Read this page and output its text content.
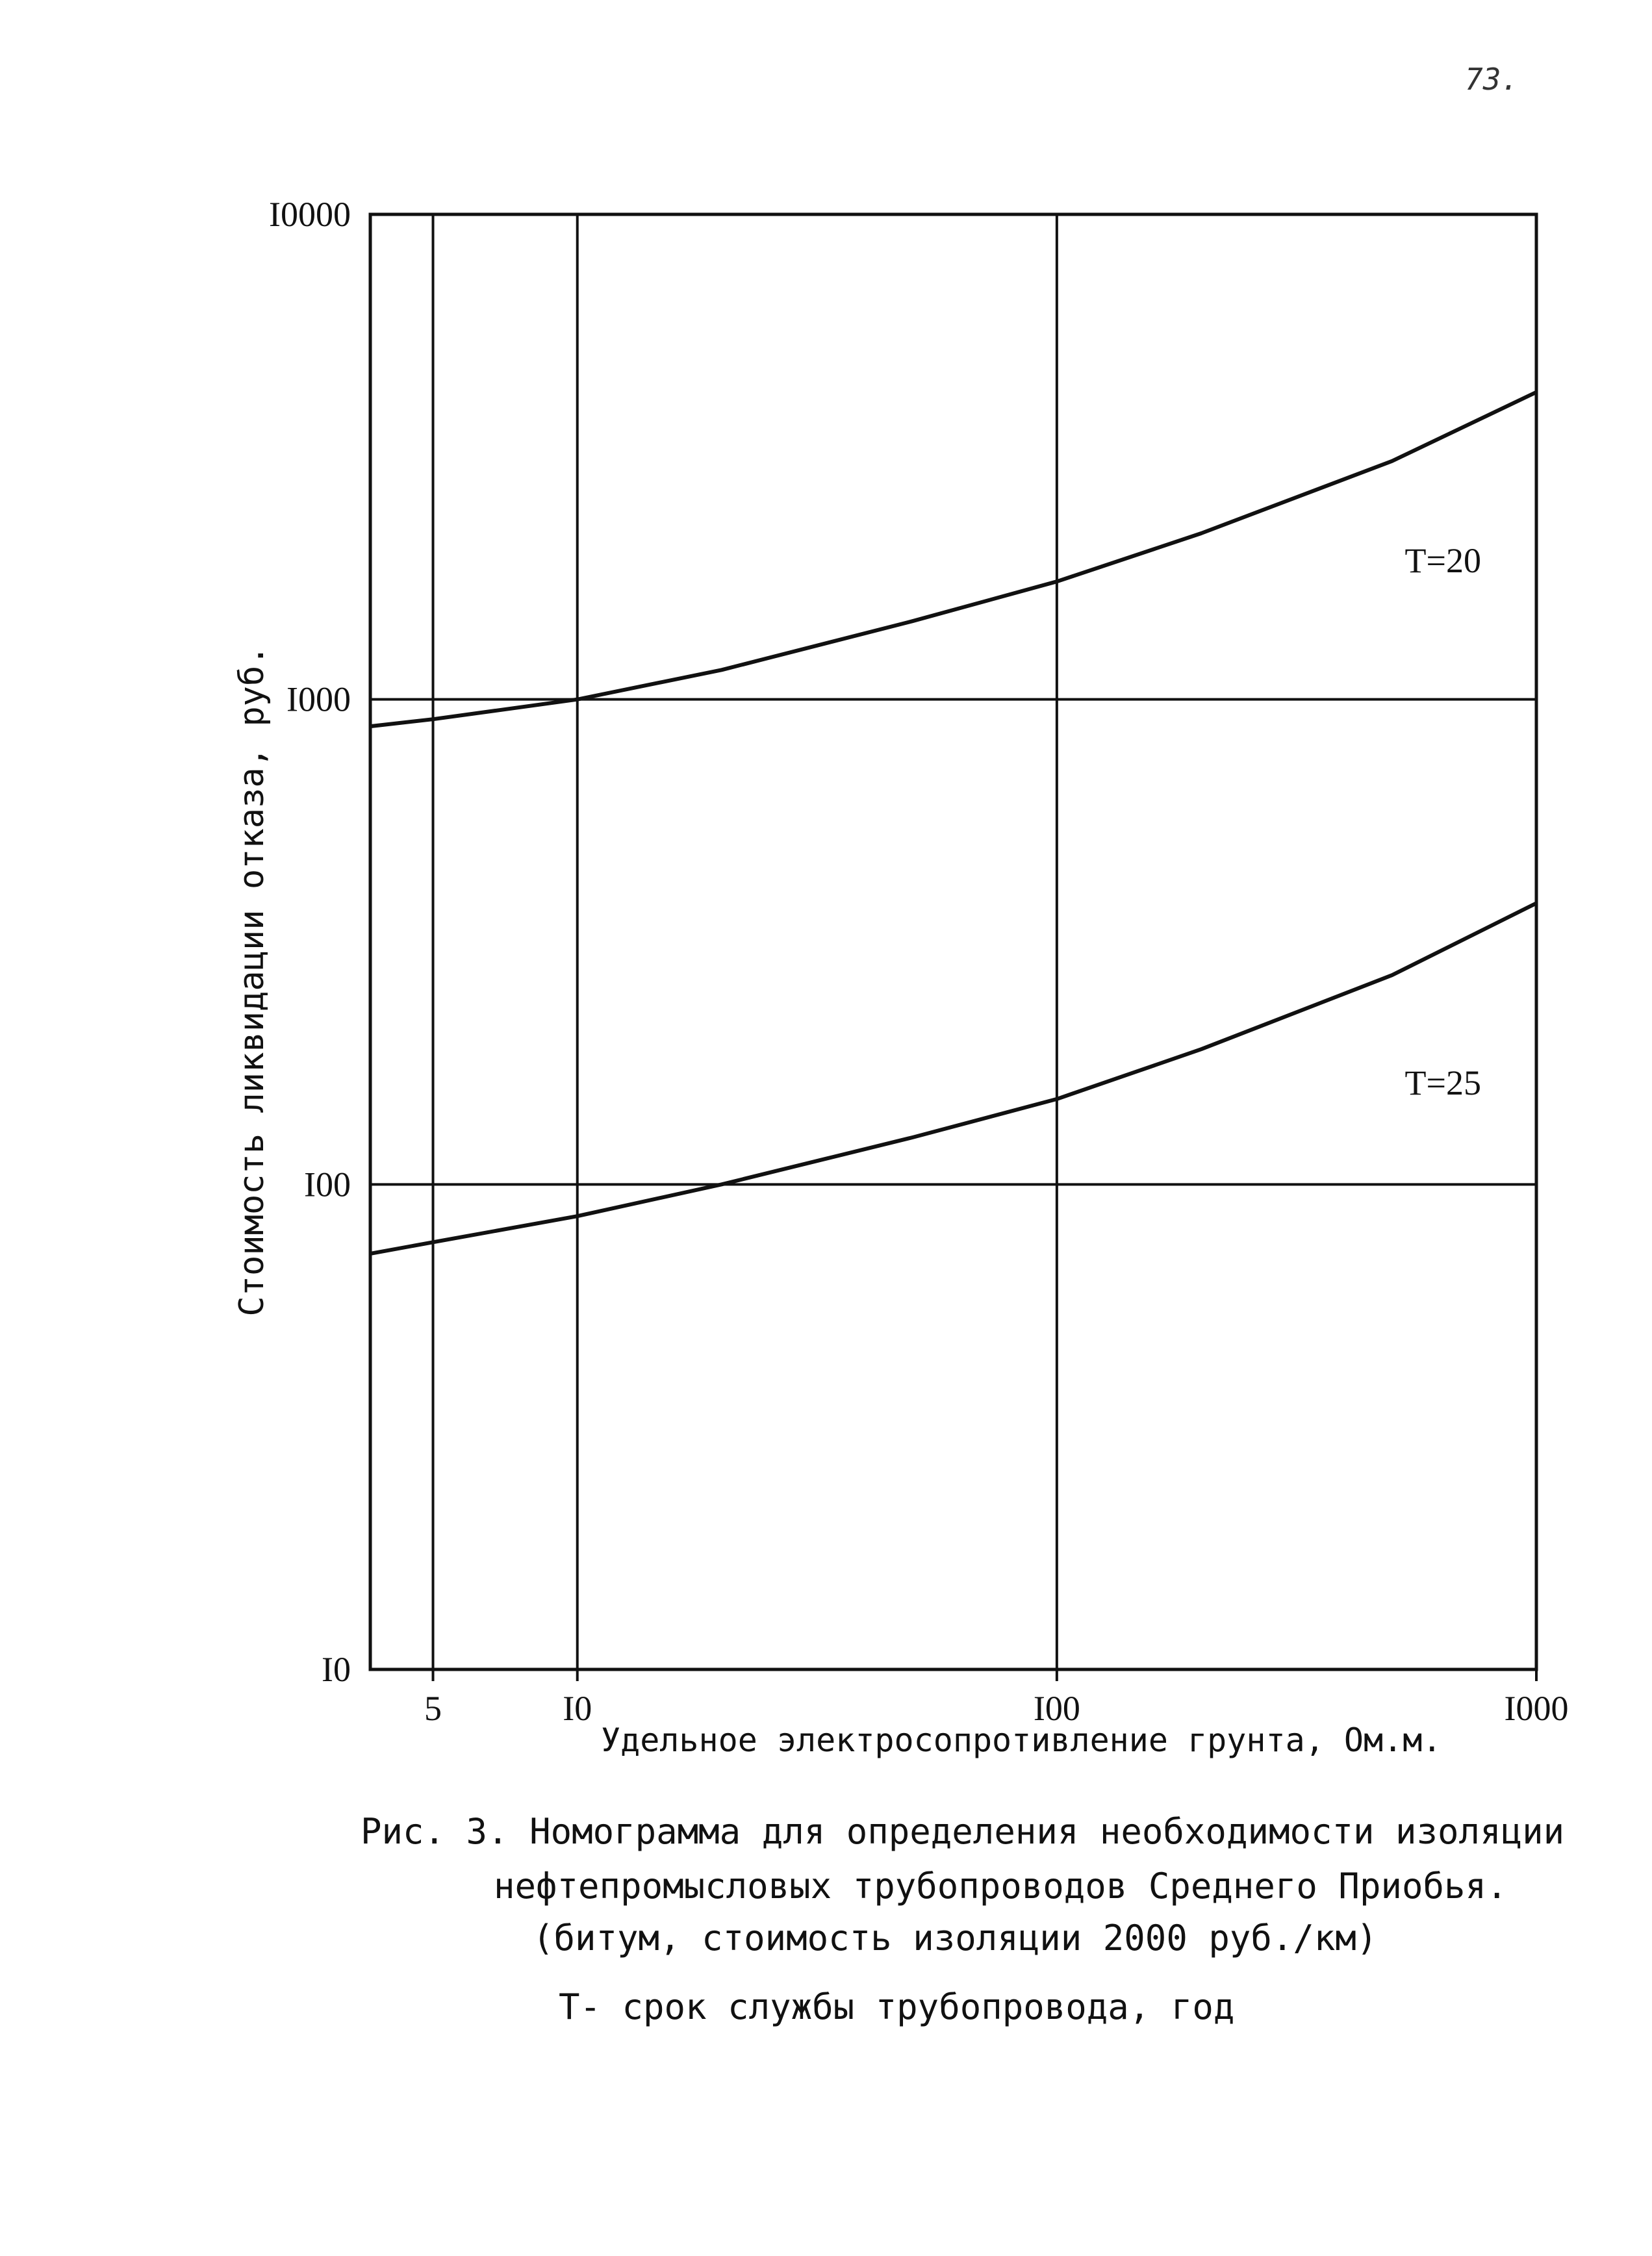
73.
5	I0	I00	I000
I0
I00
I000
I0000
T=20
T=25
Стоимость ликвидации отказа, руб.
Удельное электросопротивление грунта, Ом.м.
Рис. 3. Номограмма для определения необходимости изоляции
нефтепромысловых трубопроводов Среднего Приобья.
(битум, стоимость изоляции 2000 руб./км)
Т- срок службы трубопровода, год
